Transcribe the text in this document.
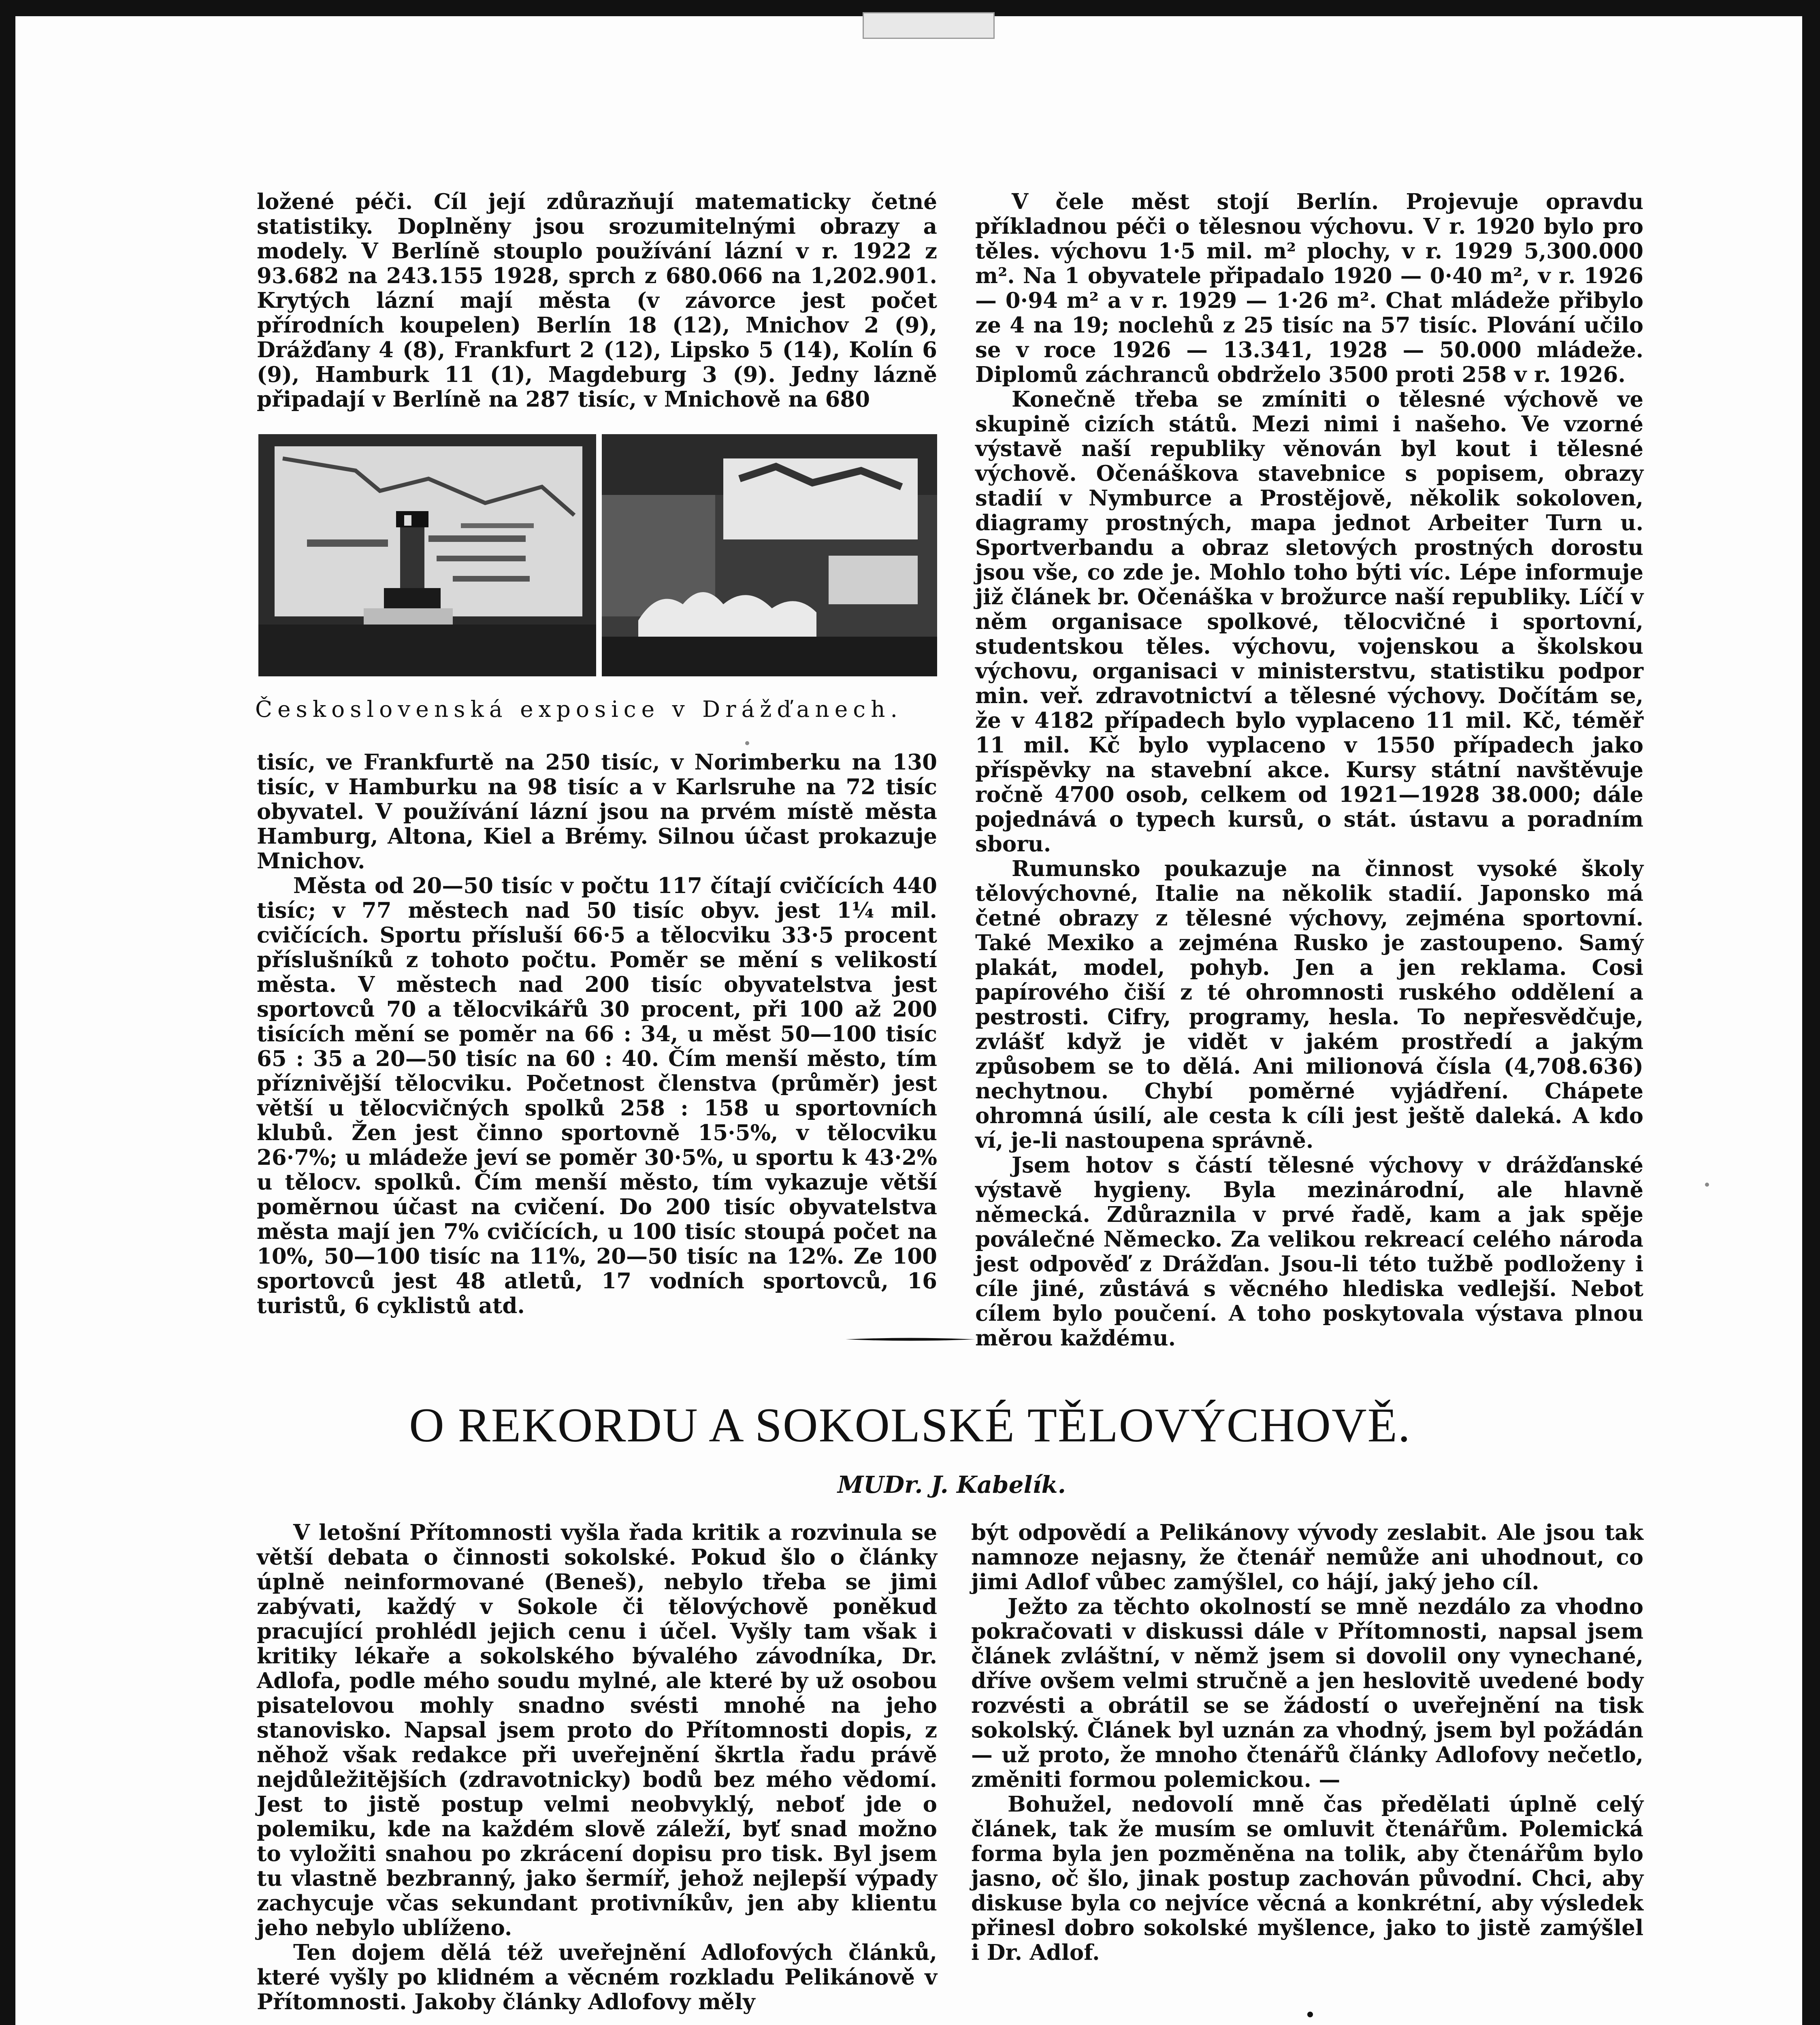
ložené péči. Cíl její zdůrazňují matematicky četné statistiky. Doplněny jsou srozumitelnými obrazy a modely. V Berlíně stouplo používání lázní v r. 1922 z 93.682 na 243.155 1928, sprch z 680.066 na 1,202.901. Krytých lázní mají města (v závorce jest počet přírodních koupelen) Berlín 18 (12), Mnichov 2 (9), Drážďany 4 (8), Frankfurt 2 (12), Lipsko 5 (14), Kolín 6 (9), Hamburk 11 (1), Magdeburg 3 (9). Jedny lázně připadají v Berlíně na 287 tisíc, v Mnichově na 680

Československá exposice v Drážďanech.

tisíc, ve Frankfurtě na 250 tisíc, v Norimberku na 130 tisíc, v Hamburku na 98 tisíc a v Karlsruhe na 72 tisíc obyvatel. V používání lázní jsou na prvém místě města Hamburg, Altona, Kiel a Brémy. Silnou účast prokazuje Mnichov.

Města od 20—50 tisíc v počtu 117 čítají cvičících 440 tisíc; v 77 městech nad 50 tisíc obyv. jest 1¼ mil. cvičících. Sportu přísluší 66·5 a tělocviku 33·5 procent příslušníků z tohoto počtu. Poměr se mění s velikostí města. V městech nad 200 tisíc obyvatelstva jest sportovců 70 a tělocvikářů 30 procent, při 100 až 200 tisících mění se poměr na 66 : 34, u měst 50—100 tisíc 65 : 35 a 20—50 tisíc na 60 : 40. Čím menší město, tím příznivější tělocviku. Početnost členstva (průměr) jest větší u tělocvičných spolků 258 : 158 u sportovních klubů. Žen jest činno sportovně 15·5%, v tělocviku 26·7%; u mládeže jeví se poměr 30·5%, u sportu k 43·2% u tělocv. spolků. Čím menší město, tím vykazuje větší poměrnou účast na cvičení. Do 200 tisíc obyvatelstva města mají jen 7% cvičících, u 100 tisíc stoupá počet na 10%, 50—100 tisíc na 11%, 20—50 tisíc na 12%. Ze 100 sportovců jest 48 atletů, 17 vodních sportovců, 16 turistů, 6 cyklistů atd.

V čele měst stojí Berlín. Projevuje opravdu příkladnou péči o tělesnou výchovu. V r. 1920 bylo pro těles. výchovu 1·5 mil. m² plochy, v r. 1929 5,300.000 m². Na 1 obyvatele připadalo 1920 — 0·40 m², v r. 1926 — 0·94 m² a v r. 1929 — 1·26 m². Chat mládeže přibylo ze 4 na 19; noclehů z 25 tisíc na 57 tisíc. Plování učilo se v roce 1926 — 13.341, 1928 — 50.000 mládeže. Diplomů záchranců obdrželo 3500 proti 258 v r. 1926.

Konečně třeba se zmíniti o tělesné výchově ve skupině cizích států. Mezi nimi i našeho. Ve vzorné výstavě naší republiky věnován byl kout i tělesné výchově. Očenáškova stavebnice s popisem, obrazy stadií v Nymburce a Prostějově, několik sokoloven, diagramy prostných, mapa jednot Arbeiter Turn u. Sportverbandu a obraz sletových prostných dorostu jsou vše, co zde je. Mohlo toho býti víc. Lépe informuje již článek br. Očenáška v brožurce naší republiky. Líčí v něm organisace spolkové, tělocvičné i sportovní, studentskou těles. výchovu, vojenskou a školskou výchovu, organisaci v ministerstvu, statistiku podpor min. veř. zdravotnictví a tělesné výchovy. Dočítám se, že v 4182 případech bylo vyplaceno 11 mil. Kč, téměř 11 mil. Kč bylo vyplaceno v 1550 případech jako příspěvky na stavební akce. Kursy státní navštěvuje ročně 4700 osob, celkem od 1921—1928 38.000; dále pojednává o typech kursů, o stát. ústavu a poradním sboru.

Rumunsko poukazuje na činnost vysoké školy tělovýchovné, Italie na několik stadií. Japonsko má četné obrazy z tělesné výchovy, zejména sportovní. Také Mexiko a zejména Rusko je zastoupeno. Samý plakát, model, pohyb. Jen a jen reklama. Cosi papírového čiší z té ohromnosti ruského oddělení a pestrosti. Cifry, programy, hesla. To nepřesvědčuje, zvlášť když je vidět v jakém prostředí a jakým způsobem se to dělá. Ani milionová čísla (4,708.636) nechytnou. Chybí poměrné vyjádření. Chápete ohromná úsilí, ale cesta k cíli jest ještě daleká. A kdo ví, je-li nastoupena správně.

Jsem hotov s částí tělesné výchovy v drážďanské výstavě hygieny. Byla mezinárodní, ale hlavně německá. Zdůraznila v prvé řadě, kam a jak spěje poválečné Německo. Za velikou rekreací celého národa jest odpověď z Drážďan. Jsou-li této tužbě podloženy i cíle jiné, zůstává s věcného hlediska vedlejší. Nebot cílem bylo poučení. A toho poskytovala výstava plnou měrou každému.

O REKORDU A SOKOLSKÉ TĚLOVÝCHOVĚ.
MUDr. J. Kabelík.

V letošní Přítomnosti vyšla řada kritik a rozvinula se větší debata o činnosti sokolské. Pokud šlo o články úplně neinformované (Beneš), nebylo třeba se jimi zabývati, každý v Sokole či tělovýchově poněkud pracující prohlédl jejich cenu i účel. Vyšly tam však i kritiky lékaře a sokolského bývalého závodníka, Dr. Adlofa, podle mého soudu mylné, ale které by už osobou pisatelovou mohly snadno svésti mnohé na jeho stanovisko. Napsal jsem proto do Přítomnosti dopis, z něhož však redakce při uveřejnění škrtla řadu právě nejdůležitějších (zdravotnicky) bodů bez mého vědomí. Jest to jistě postup velmi neobvyklý, neboť jde o polemiku, kde na každém slově záleží, byť snad možno to vyložiti snahou po zkrácení dopisu pro tisk. Byl jsem tu vlastně bezbranný, jako šermíř, jehož nejlepší výpady zachycuje včas sekundant protivníkův, jen aby klientu jeho nebylo ublíženo.

Ten dojem dělá též uveřejnění Adlofových článků, které vyšly po klidném a věcném rozkladu Pelikánově v Přítomnosti. Jakoby články Adlofovy měly

být odpovědí a Pelikánovy vývody zeslabit. Ale jsou tak namnoze nejasny, že čtenář nemůže ani uhodnout, co jimi Adlof vůbec zamýšlel, co hájí, jaký jeho cíl.

Ježto za těchto okolností se mně nezdálo za vhodno pokračovati v diskussi dále v Přítomnosti, napsal jsem článek zvláštní, v němž jsem si dovolil ony vynechané, dříve ovšem velmi stručně a jen heslovitě uvedené body rozvésti a obrátil se se žádostí o uveřejnění na tisk sokolský. Článek byl uznán za vhodný, jsem byl požádán — už proto, že mnoho čtenářů články Adlofovy nečetlo, změniti formou polemickou. —

Bohužel, nedovolí mně čas předělati úplně celý článek, tak že musím se omluvit čtenářům. Polemická forma byla jen pozměněna na tolik, aby čtenářům bylo jasno, oč šlo, jinak postup zachován původní. Chci, aby diskuse byla co nejvíce věcná a konkrétní, aby výsledek přinesl dobro sokolské myšlence, jako to jistě zamýšlel i Dr. Adlof.
